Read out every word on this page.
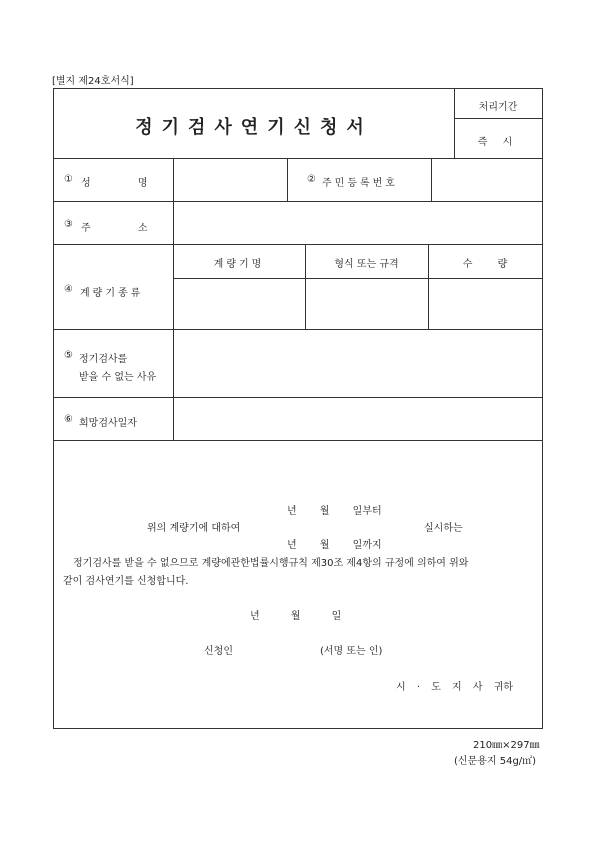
[별지 제24호서식]
정기검사연기신청서
처리기간
즉 시
① 성 명	② 주민등록번호
③ 주 소
④ 계량기종류
계량기명	형식 또는 규격	수 량
⑤ 정기검사를
받을 수 없는 사유
⑥ 희망검사일자
년 월 일부터
위의 계량기에 대하여	실시하는
년 월 일까지
정기검사를 받을 수 없으므로 계량에관한법률시행규칙 제30조 제4항의 규정에 의하여 위와
같이 검사연기를 신청합니다.
년 월 일
신청인	(서명 또는 인)
시 · 도 지 사 귀하
210㎜×297㎜
(신문용지 54g/㎡)
